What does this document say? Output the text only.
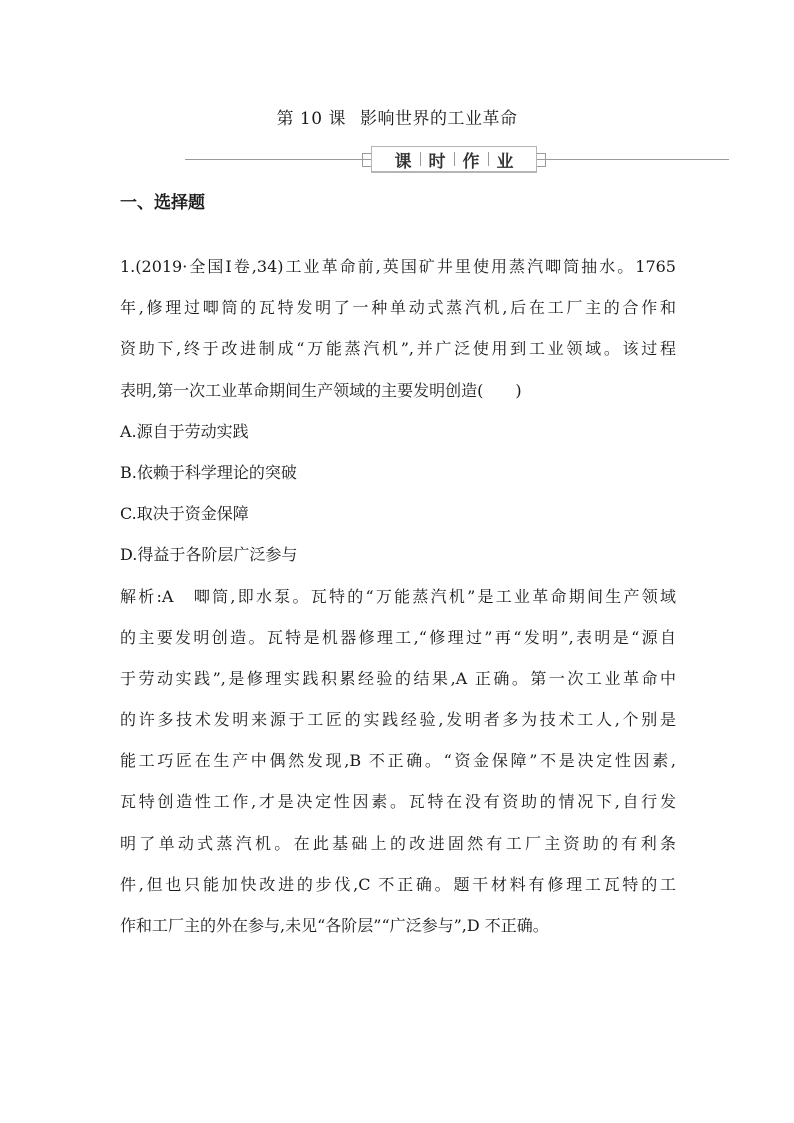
第 10 课 影响世界的工业革命
课	时	作	业
一、选择题
1.(2019·全国Ⅰ卷,34)工业革命前,英国矿井里使用蒸汽唧筒抽水。1765
年,修理过唧筒的瓦特发明了一种单动式蒸汽机,后在工厂主的合作和
资助下,终于改进制成“万能蒸汽机”,并广泛使用到工业领域。该过程
表明,第一次工业革命期间生产领域的主要发明创造(　　)
A.源自于劳动实践
B.依赖于科学理论的突破
C.取决于资金保障
D.得益于各阶层广泛参与
解析:A　唧筒,即水泵。瓦特的“万能蒸汽机”是工业革命期间生产领域
的主要发明创造。瓦特是机器修理工,“修理过”再“发明”,表明是“源自
于劳动实践”,是修理实践积累经验的结果,A 正确。第一次工业革命中
的许多技术发明来源于工匠的实践经验,发明者多为技术工人,个别是
能工巧匠在生产中偶然发现,B 不正确。“资金保障”不是决定性因素,
瓦特创造性工作,才是决定性因素。瓦特在没有资助的情况下,自行发
明了单动式蒸汽机。在此基础上的改进固然有工厂主资助的有利条
件,但也只能加快改进的步伐,C 不正确。题干材料有修理工瓦特的工
作和工厂主的外在参与,未见“各阶层”“广泛参与”,D 不正确。
